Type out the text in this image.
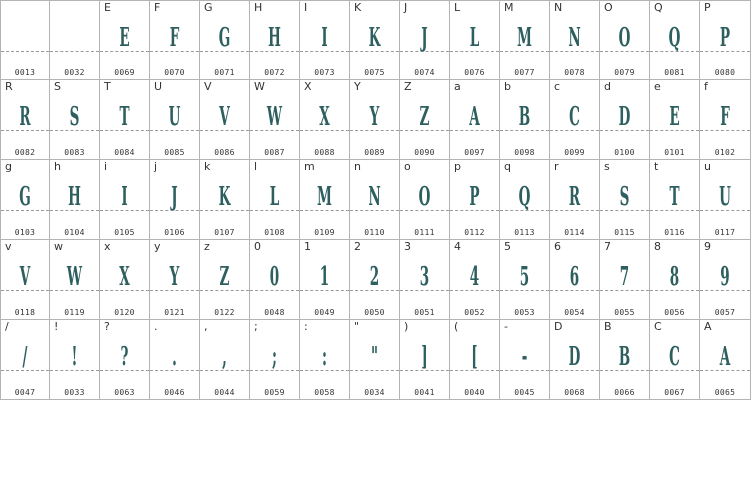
0013	0032
E
E
0069
F
F
0070
G
G
0071
H
H
0072
I
I
0073
K
K
0075
J
J
0074
L
L
0076
M
M
0077
N
N
0078
O
O
0079
Q
Q
0081
P
P
0080
R
R
0082
S
S
0083
T
T
0084
U
U
0085
V
V
0086
W
W
0087
X
X
0088
Y
Y
0089
Z
Z
0090
a
A
0097
b
B
0098
c
C
0099
d
D
0100
e
E
0101
f
F
0102
g
G
0103
h
H
0104
i
I
0105
j
J
0106
k
K
0107
l
L
0108
m
M
0109
n
N
0110
o
O
0111
p
P
0112
q
Q
0113
r
R
0114
s
S
0115
t
T
0116
u
U
0117
v
V
0118
w
W
0119
x
X
0120
y
Y
0121
z
Z
0122
0
0
0048
1
1
0049
2
2
0050
3
3
0051
4
4
0052
5
5
0053
6
6
0054
7
7
0055
8
8
0056
9
9
0057
/
/
0047
!
!
0033
?
?
0063
.
.
0046
,
,
0044
;
;
0059
:
:
0058
"
"
0034
)
]
0041
(
[
0040
-
-
0045
D
D
0068
B
B
0066
C
C
0067
A
A
0065
